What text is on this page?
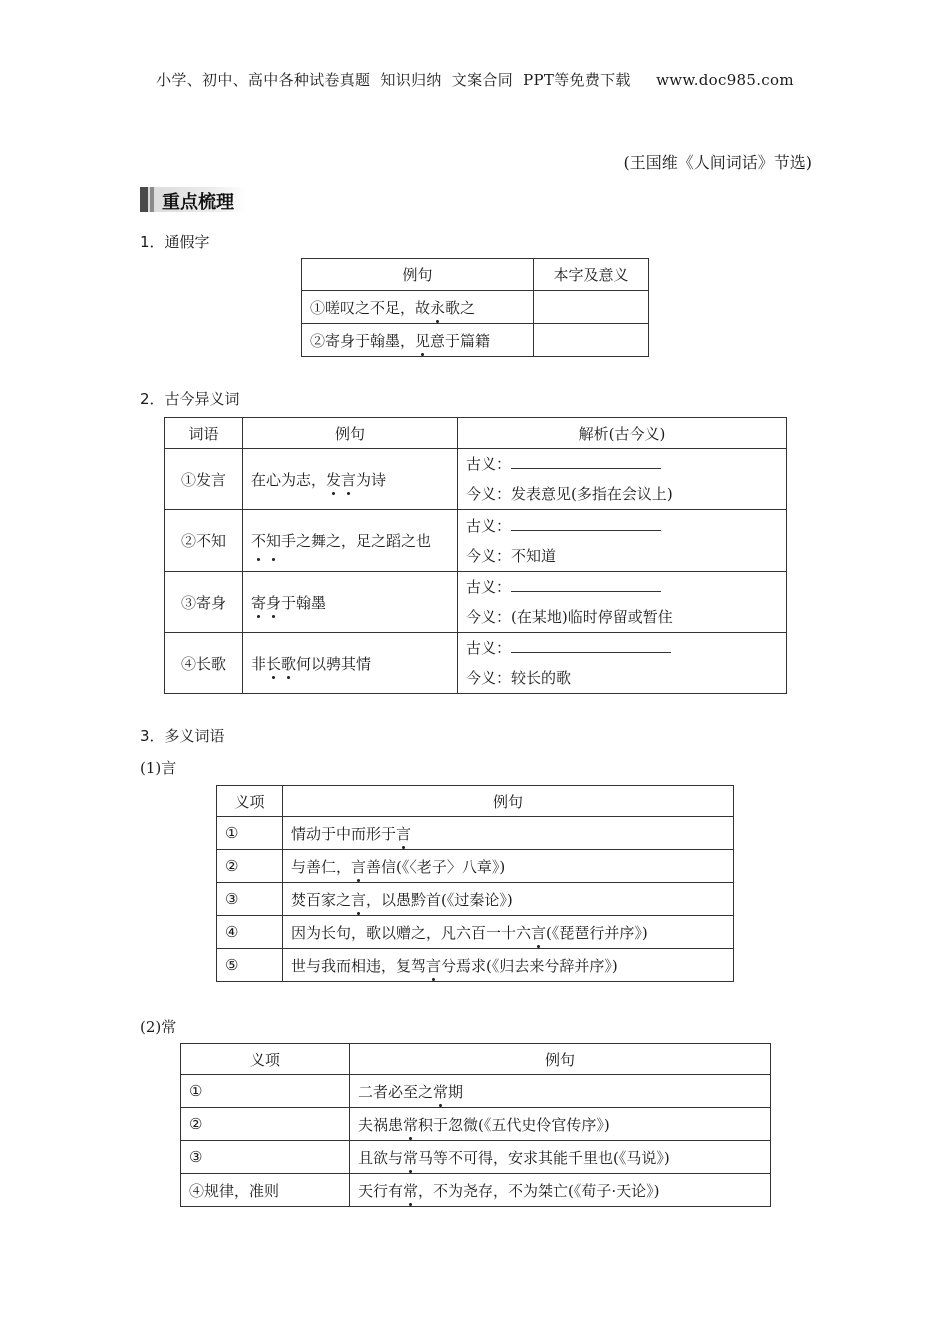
小学、初中、高中各种试卷真题  知识归纳  文案合同  PPT等免费下载     www.doc985.com
(王国维《人间词话》节选)
重点梳理
1．通假字
例句	本字及意义
①嗟叹之不足，故永歌之	
②寄身于翰墨，见意于篇籍	
2．古今异义词
词语	例句	解析(古今义)
①发言	在心为志，发言为诗	古义：
今义：发表意见(多指在会议上)

②不知	不知手之舞之，足之蹈之也	古义：
今义：不知道

③寄身	寄身于翰墨	古义：
今义：(在某地)临时停留或暂住

④长歌	非长歌何以骋其情	古义：
今义：较长的歌
3．多义词语
(1)言
义项	例句
①	情动于中而形于言
②	与善仁，言善信(《〈老子〉八章》)
③	焚百家之言，以愚黔首(《过秦论》)
④	因为长句，歌以赠之，凡六百一十六言(《琵琶行并序》)
⑤	世与我而相违，复驾言兮焉求(《归去来兮辞并序》)
(2)常
义项	例句
①	二者必至之常期
②	夫祸患常积于忽微(《五代史伶官传序》)
③	且欲与常马等不可得，安求其能千里也(《马说》)
④规律，准则	天行有常，不为尧存，不为桀亡(《荀子·天论》)
